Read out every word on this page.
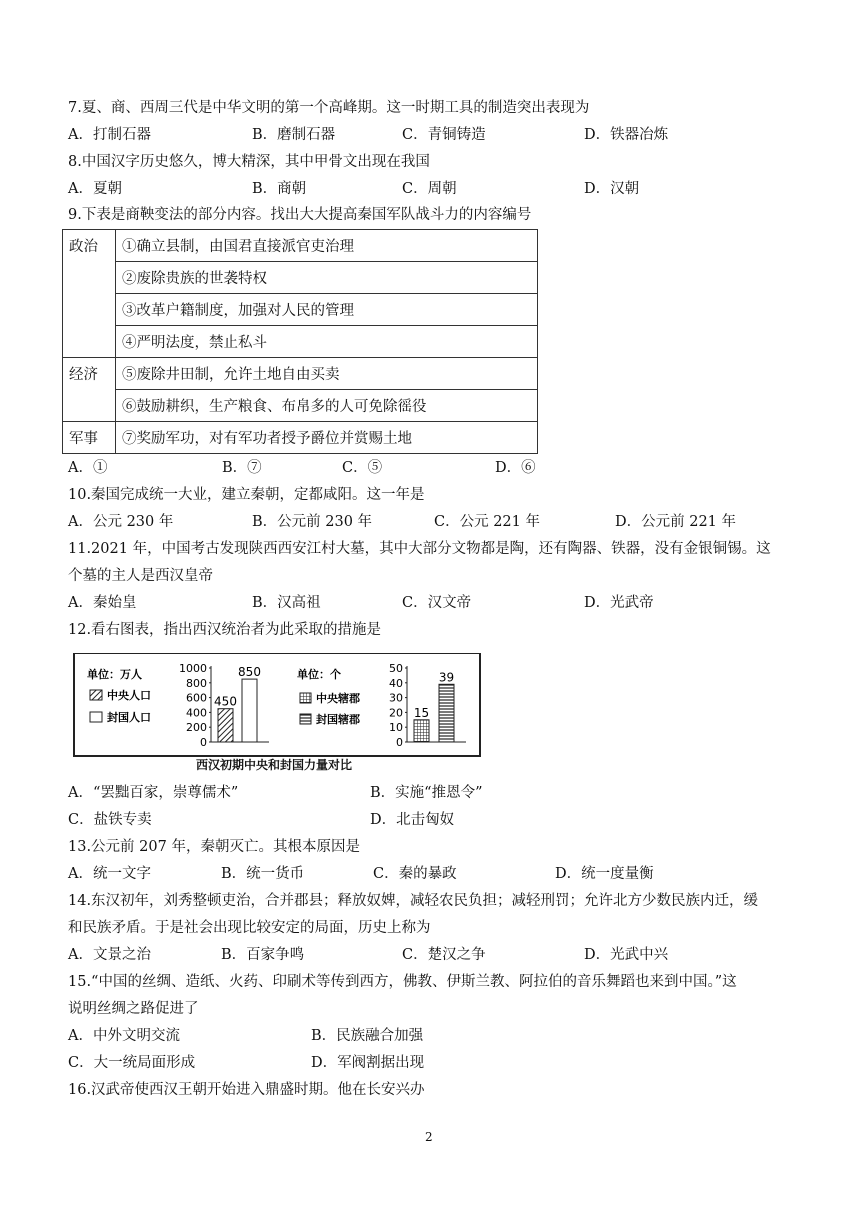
7.夏、商、西周三代是中华文明的第一个高峰期。这一时期工具的制造突出表现为
A．打制石器	B．磨制石器	C．青铜铸造	D．铁器冶炼
8.中国汉字历史悠久，博大精深，其中甲骨文出现在我国
A．夏朝	B．商朝	C．周朝	D．汉朝
9.下表是商鞅变法的部分内容。找出大大提高秦国军队战斗力的内容编号
政治	①确立县制，由国君直接派官吏治理
	②废除贵族的世袭特权
	③改革户籍制度，加强对人民的管理
	④严明法度，禁止私斗
经济	⑤废除井田制，允许土地自由买卖
	⑥鼓励耕织，生产粮食、布帛多的人可免除徭役
军事	⑦奖励军功，对有军功者授予爵位并赏赐土地
A．①	B．⑦	C．⑤	D．⑥
10.秦国完成统一大业，建立秦朝，定都咸阳。这一年是
A．公元 230 年	B．公元前 230 年	C．公元 221 年	D．公元前 221 年
11.2021 年，中国考古发现陕西西安江村大墓，其中大部分文物都是陶，还有陶器、铁器，没有金银铜锡。这
个墓的主人是西汉皇帝
A．秦始皇	B．汉高祖	C．汉文帝	D．光武帝
12.看右图表，指出西汉统治者为此采取的措施是
单位：万人
中央人口
封国人口
单位：个
中央辖郡
封国辖郡
1000
800
600
400
200
0
450
850	50
40
30
20
10
0
15
39
西汉初期中央和封国力量对比
A．“罢黜百家，崇尊儒术”	B．实施“推恩令”
C．盐铁专卖	D．北击匈奴
13.公元前 207 年，秦朝灭亡。其根本原因是
A．统一文字	B．统一货币	C．秦的暴政	D．统一度量衡
14.东汉初年，刘秀整顿吏治，合并郡县；释放奴婢，减轻农民负担；减轻刑罚；允许北方少数民族内迁，缓
和民族矛盾。于是社会出现比较安定的局面，历史上称为
A．文景之治	B．百家争鸣	C．楚汉之争	D．光武中兴
15.“中国的丝绸、造纸、火药、印刷术等传到西方，佛教、伊斯兰教、阿拉伯的音乐舞蹈也来到中国。”这
说明丝绸之路促进了
A．中外文明交流	B．民族融合加强
C．大一统局面形成	D．军阀割据出现
16.汉武帝使西汉王朝开始进入鼎盛时期。他在长安兴办
2
